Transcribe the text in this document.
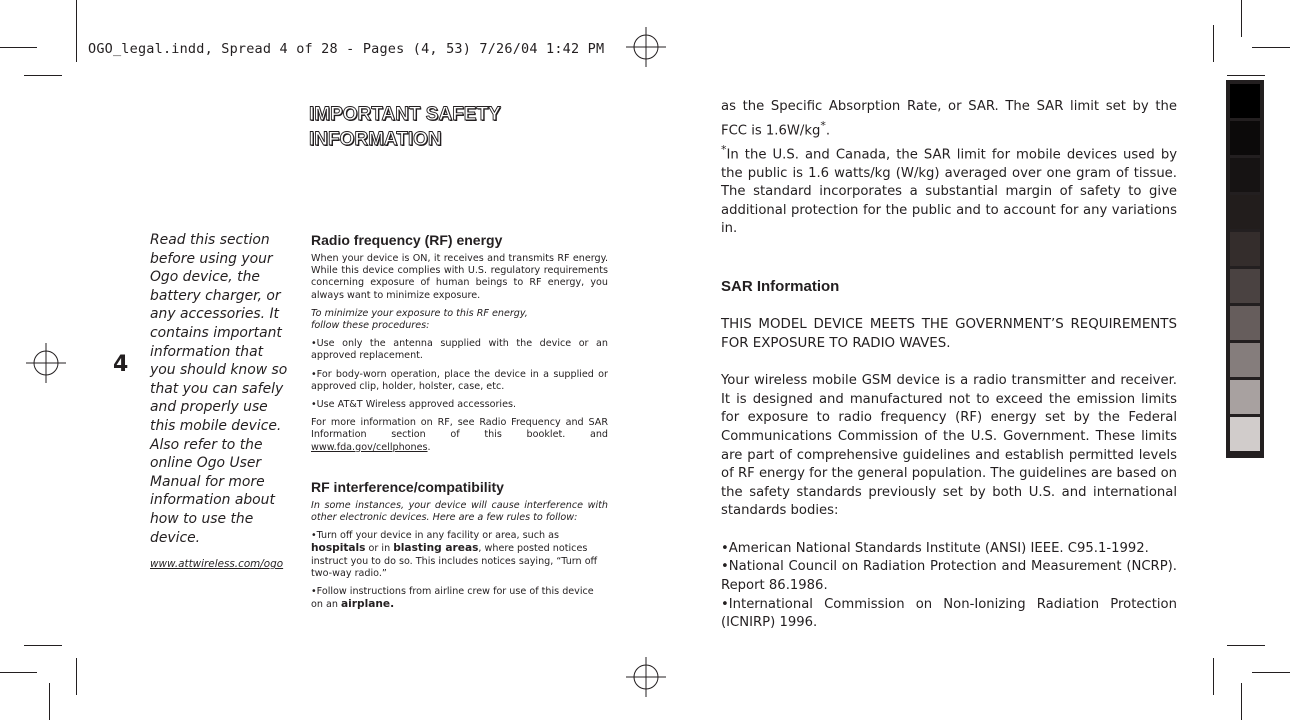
OGO_legal.indd, Spread 4 of 28 - Pages (4, 53) 7/26/04 1:42 PM
IMPORTANT SAFETY INFORMATION
4
Read this section before using your Ogo device, the battery charger, or any accessories. It contains important information that you should know so that you can safely and properly use this mobile device. Also refer to the online Ogo User Manual for more information about how to use the device.
www.attwireless.com/ogo
Radio frequency (RF) energy

When your device is ON, it receives and transmits RF energy. While this device complies with U.S. regulatory requirements concerning exposure of human beings to RF energy, you always want to minimize exposure.

To minimize your exposure to this RF energy,
follow these procedures:

•Use only the antenna supplied with the device or an approved replacement.

•For body-worn operation, place the device in a supplied or approved clip, holder, holster, case, etc.

•Use AT&T Wireless approved accessories.

For more information on RF, see Radio Frequency and SAR Information section of this booklet. and www.fda.gov/cellphones.

RF interference/compatibility

In some instances, your device will cause interference with other electronic devices. Here are a few rules to follow:

•Turn off your device in any facility or area, such as hospitals or in blasting areas, where posted notices instruct you to do so. This includes notices saying, “Turn off two-way radio.”

•Follow instructions from airline crew for use of this device on an airplane.

as the Specific Absorption Rate, or SAR. The SAR limit set by the FCC is 1.6W/kg*.

*In the U.S. and Canada, the SAR limit for mobile devices used by the public is 1.6 watts/kg (W/kg) averaged over one gram of tissue. The standard incorporates a substantial margin of safety to give additional protection for the public and to account for any variations in.

SAR Information

THIS MODEL DEVICE MEETS THE GOVERNMENT’S REQUIREMENTS FOR EXPOSURE TO RADIO WAVES.

Your wireless mobile GSM device is a radio transmitter and receiver. It is designed and manufactured not to exceed the emission limits for exposure to radio frequency (RF) energy set by the Federal Communications Commission of the U.S. Government. These limits are part of comprehensive guidelines and establish permitted levels of RF energy for the general population. The guidelines are based on the safety standards previously set by both U.S. and international standards bodies:

•American National Standards Institute (ANSI) IEEE. C95.1-1992.

•National Council on Radiation Protection and Measurement (NCRP). Report 86.1986.

•International Commission on Non-Ionizing Radiation Protection (ICNIRP) 1996.
